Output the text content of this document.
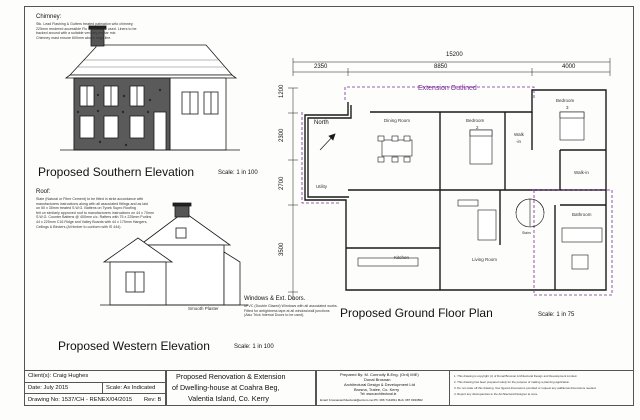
Chimney:
Stk. Lead Flashing & Gutters treated patination w/to chimney,
225mm rendered accessible Flu Liners to be used. Liners to be
backed around with a suitable vent dry mortar mix.
Chimney mast ensure 600mm above ridge line.
Proposed Southern Elevation	Scale: 1 in 100
Roof:
Slate (Natural or Fibre Cement) to be fitted in strict accordance with
manufacturers instructions along with all associated fittings and as laid
on 50 x 35mm treated S.W.G. Battens on Tyvek Supro Roofing
felt on similarly approved roof to manufacturers instructions on 44 x 70mm
S.W.G. Counter Battens @ 400mm c/c. Rafters with 75 x 225mm Purlins
44 x 225mm C16 Ridge and Valley Boards with 44 x 175mm Hangers,
Ceilings & Binders (All timber to conform with IS 444).
Smooth Plaster
Proposed Western Elevation	Scale: 1 in 100
Windows & Ext. Doors.
uPVC (Double Glazed) Windows with all associated works.
Fitted for airtightness tape at all window/wall junctions
(Also Trick Internal Doors to be used).
15200
2350	8850	4000
1200
2300
2700
3500
Extension Outlined
North	Dining Room	Bedroom
2
Walk
-in
Bedroom
3
Walk-in
Bathroom
Utility
Kitchen	Living Room
Stairs
Proposed Ground Floor Plan	Scale: 1 in 75
Client(s): Craig Hughes
Date: July 2015	Scale: As Indicated
Drawing No: 1537/CH - RENEX/04/2015 Rev: B
Proposed Renovation & Extension
of Dwelling-house at Coahra Beg,
Valentia Island, Co. Kerry
Prepared By: M. Connolly B.Eng. (Ord) MIE)
Donal Brosnan
Architectural Design & Development Ltd
Brosna, Tralee, Co. Kerry
Tel: www.architectural.ie
Email: brosnanarchitectural@eircom.net Ph: 066 7144811 Mob: 087 9933862
1. This drawing is copyright (c) of Donal Brosnan Architectural Design and Development Limited.
2. This drawing has been prepared solely for the purpose of making a planning application.
3. Do not scale off this drawing. Use figured dimensions provided or request any additional dimensions needed.
4. Report any discrepancies to the Architectural Designer at once.
